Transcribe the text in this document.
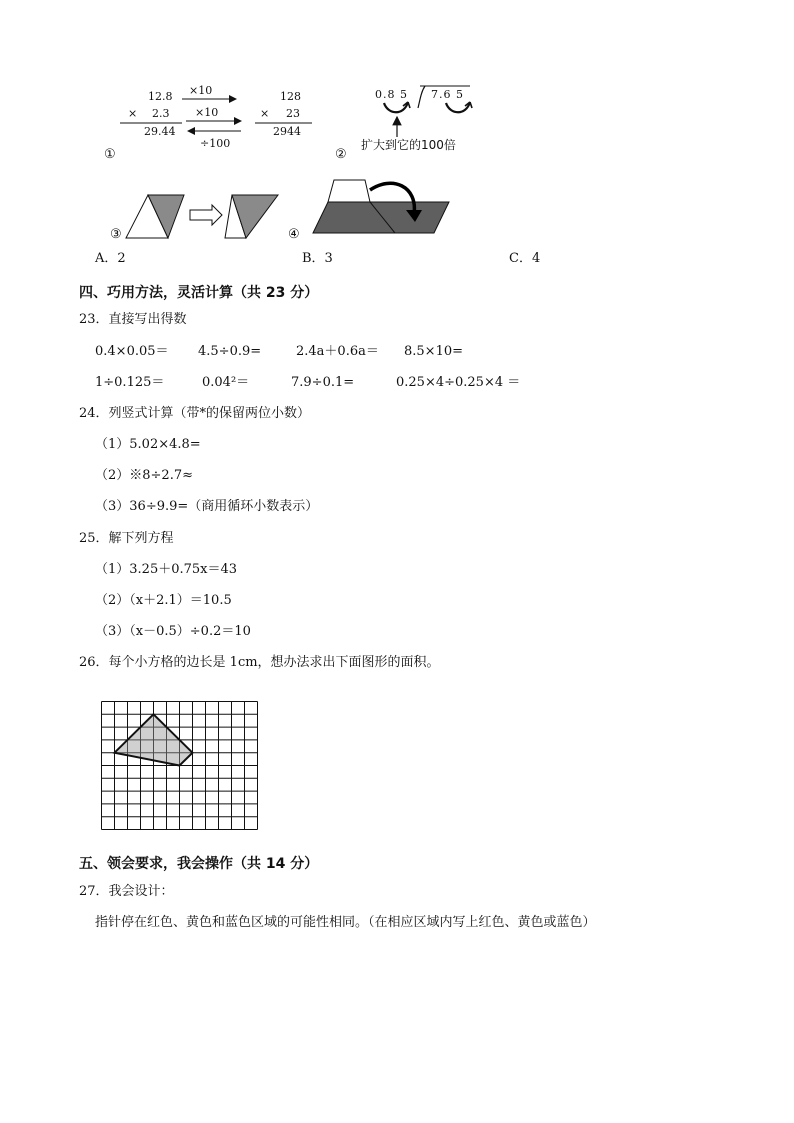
12.8
× 2.3
29.44
×10
×10
÷100
128
× 23
2944
①
0.8 5 7.6 5
扩大到它的100倍
②
③	④
A．2	B．3	C．4
四、巧用方法，灵活计算（共 23 分）
23．直接写出得数
0.4×0.05＝ 4.5÷0.9=	2.4a＋0.6a＝ 8.5×10=
1÷0.125＝	0.04²＝	7.9÷0.1=	0.25×4÷0.25×4 ＝
24．列竖式计算（带*的保留两位小数）
（1）5.02×4.8=
（2）※8÷2.7≈
（3）36÷9.9=（商用循环小数表示）
25．解下列方程
（1）3.25＋0.75x＝43
（2）（x＋2.1）＝10.5
（3）（x－0.5）÷0.2＝10
26．每个小方格的边长是 1cm，想办法求出下面图形的面积。
五、领会要求，我会操作（共 14 分）
27．我会设计：
指针停在红色、黄色和蓝色区域的可能性相同。（在相应区域内写上红色、黄色或蓝色）
